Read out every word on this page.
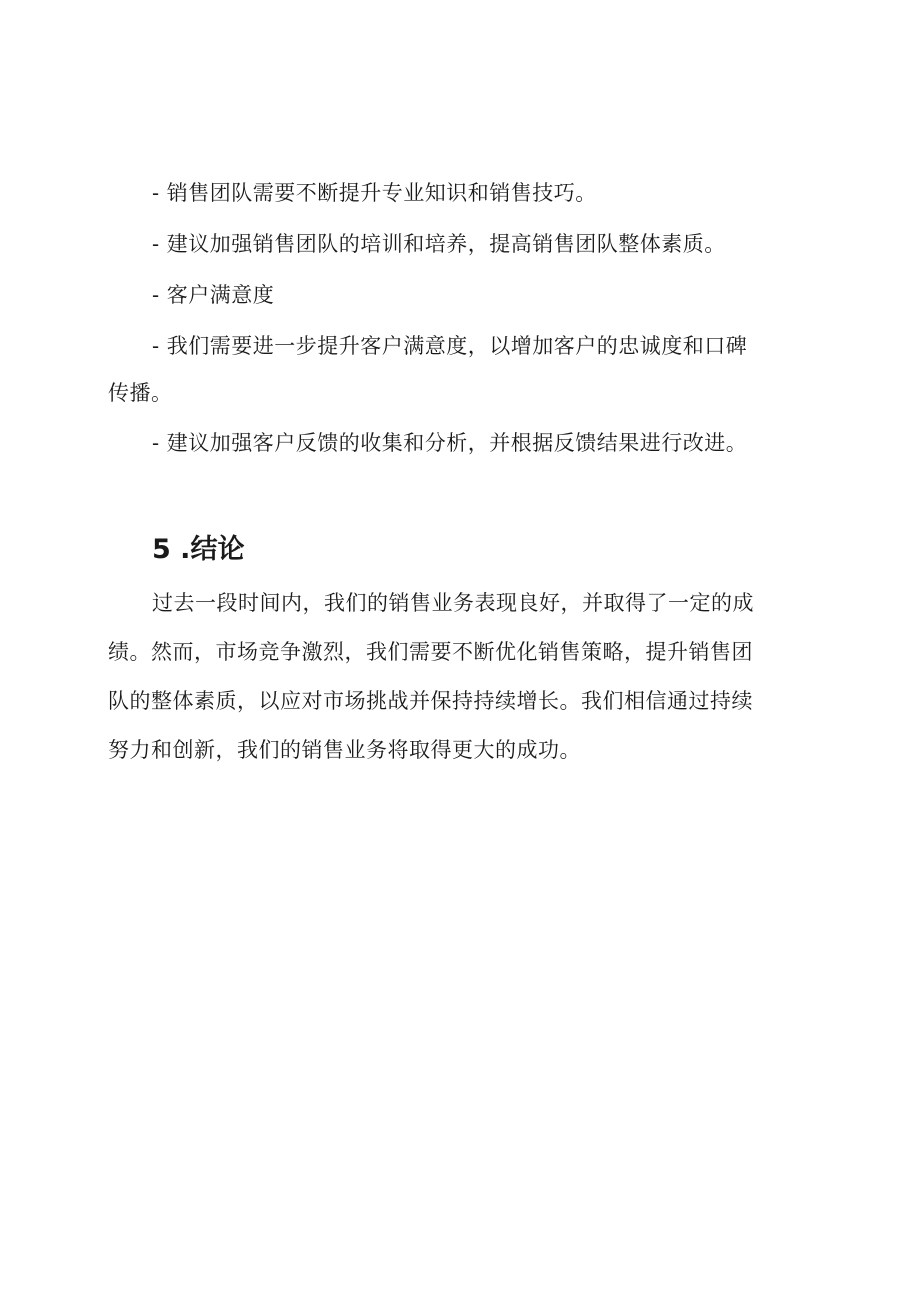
- 销售团队需要不断提升专业知识和销售技巧。
- 建议加强销售团队的培训和培养，提高销售团队整体素质。
- 客户满意度
- 我们需要进一步提升客户满意度，以增加客户的忠诚度和口碑
传播。
- 建议加强客户反馈的收集和分析，并根据反馈结果进行改进。
5 .结论
过去一段时间内，我们的销售业务表现良好，并取得了一定的成
绩。然而，市场竞争激烈，我们需要不断优化销售策略，提升销售团
队的整体素质，以应对市场挑战并保持持续增长。我们相信通过持续
努力和创新，我们的销售业务将取得更大的成功。
